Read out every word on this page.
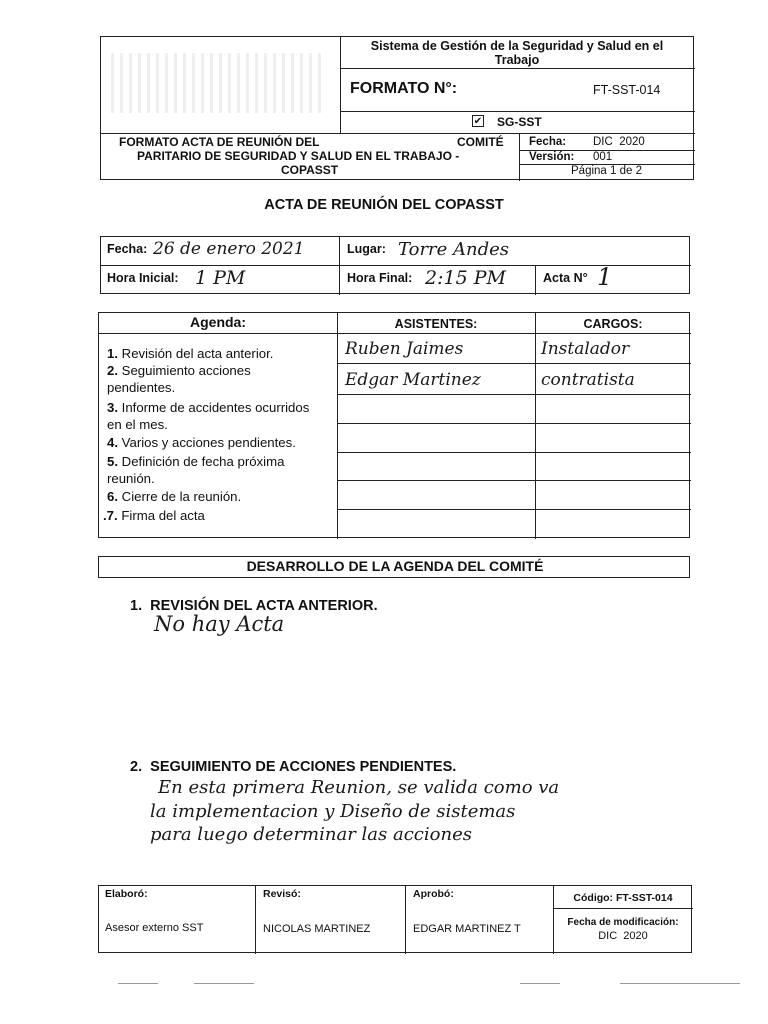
Sistema de Gestión de la Seguridad y Salud en el Trabajo
FORMATO N°:	FT-SST-014
✔ SG-SST
FORMATO ACTA DE REUNIÓN DEL	COMITÉ
PARITARIO DE SEGURIDAD Y SALUD EN EL TRABAJO -
COPASST
Fecha: DIC  2020
Versión: 001
Página 1 de 2
ACTA DE REUNIÓN DEL COPASST
Fecha: 26 de enero 2021	Lugar: Torre Andes
Hora Inicial: 1 PM	Hora Final: 2:15 PM	Acta N° 1
Agenda:	ASISTENTES:	CARGOS:
1. Revisión del acta anterior.
2. Seguimiento acciones
pendientes.
3. Informe de accidentes ocurridos
en el mes.
4. Varios y acciones pendientes.
5. Definición de fecha próxima
reunión.
6. Cierre de la reunión.
.7. Firma del acta
Ruben Jaimes	Instalador
Edgar Martinez	contratista
DESARROLLO DE LA AGENDA DEL COMITÉ
1.  REVISIÓN DEL ACTA ANTERIOR.
No hay Acta
2.  SEGUIMIENTO DE ACCIONES PENDIENTES.
En esta primera Reunion, se valida como va
la implementacion y Diseño de sistemas
para luego determinar las acciones
Elaboró:
Asesor externo SST
Revisó:
NICOLAS MARTINEZ
Aprobó:
EDGAR MARTINEZ T
Código: FT-SST-014
Fecha de modificación:
DIC  2020
